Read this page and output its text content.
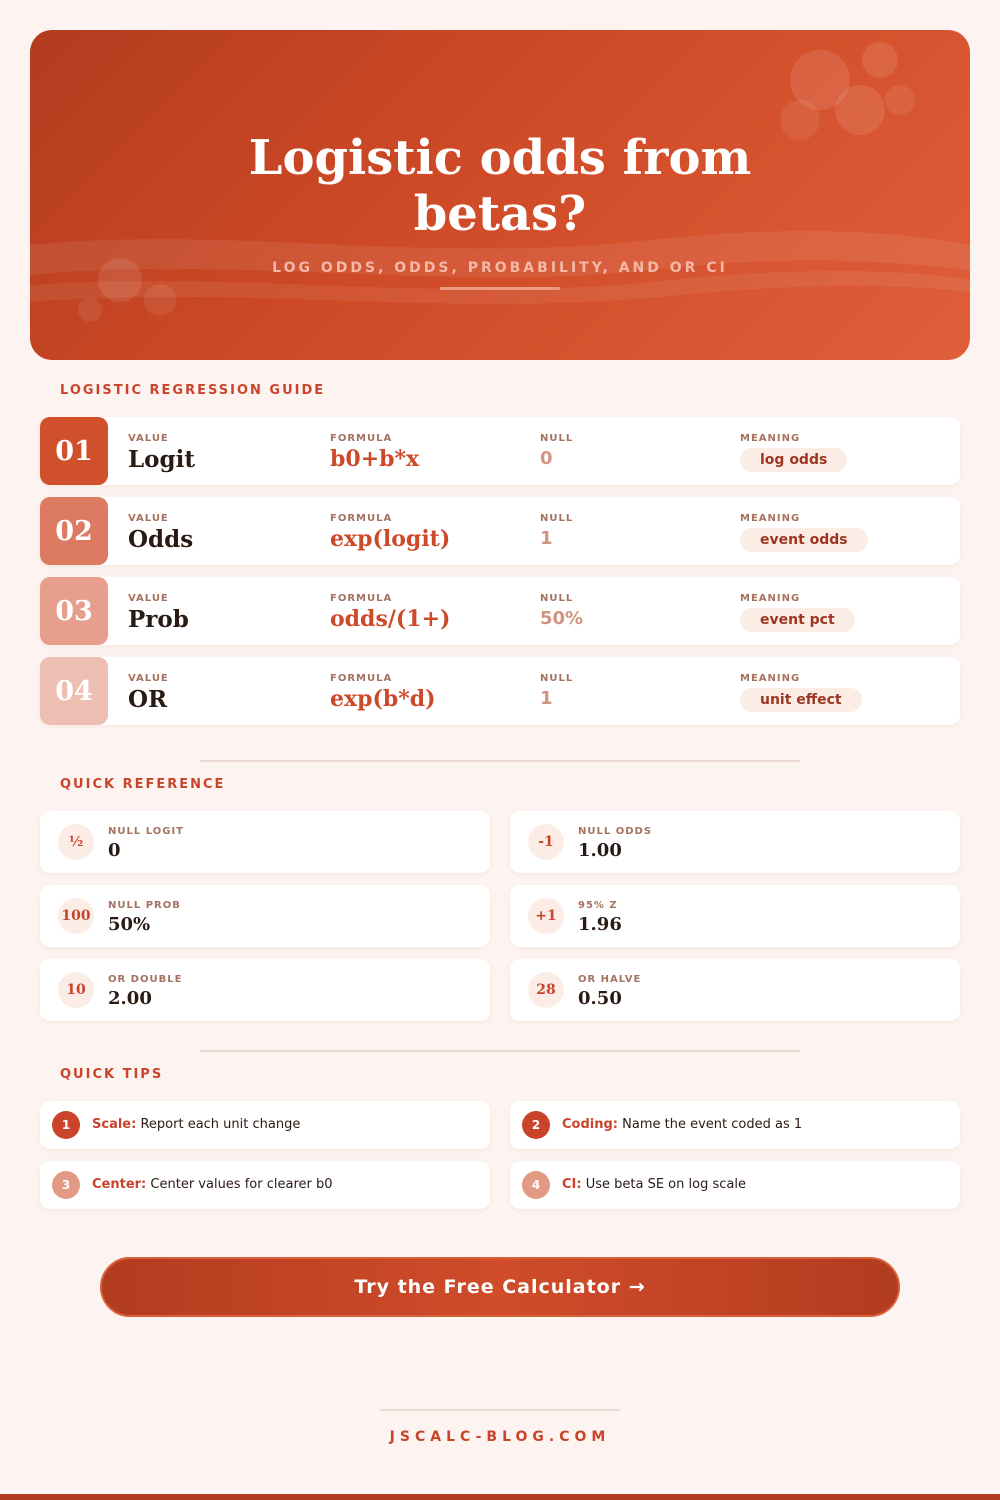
Logistic odds from betas?
LOG ODDS, ODDS, PROBABILITY, AND OR CI
LOGISTIC REGRESSION GUIDE
01	VALUE
Logit
FORMULA
b0+b*x
NULL
0
MEANING
log odds
02	VALUE
Odds
FORMULA
exp(logit)
NULL
1
MEANING
event odds
03	VALUE
Prob
FORMULA
odds/(1+)
NULL
50%
MEANING
event pct
04	VALUE
OR
FORMULA
exp(b*d)
NULL
1
MEANING
unit effect
QUICK REFERENCE
½
NULL LOGIT
0	-1
NULL ODDS
1.00
100
NULL PROB
50%	+1
95% Z
1.96
10
OR DOUBLE
2.00	28
OR HALVE
0.50
QUICK TIPS
1	Scale: Report each unit change	2	Coding: Name the event coded as 1
3	Center: Center values for clearer b0	4	CI: Use beta SE on log scale
Try the Free Calculator →
JSCALC-BLOG.COM
